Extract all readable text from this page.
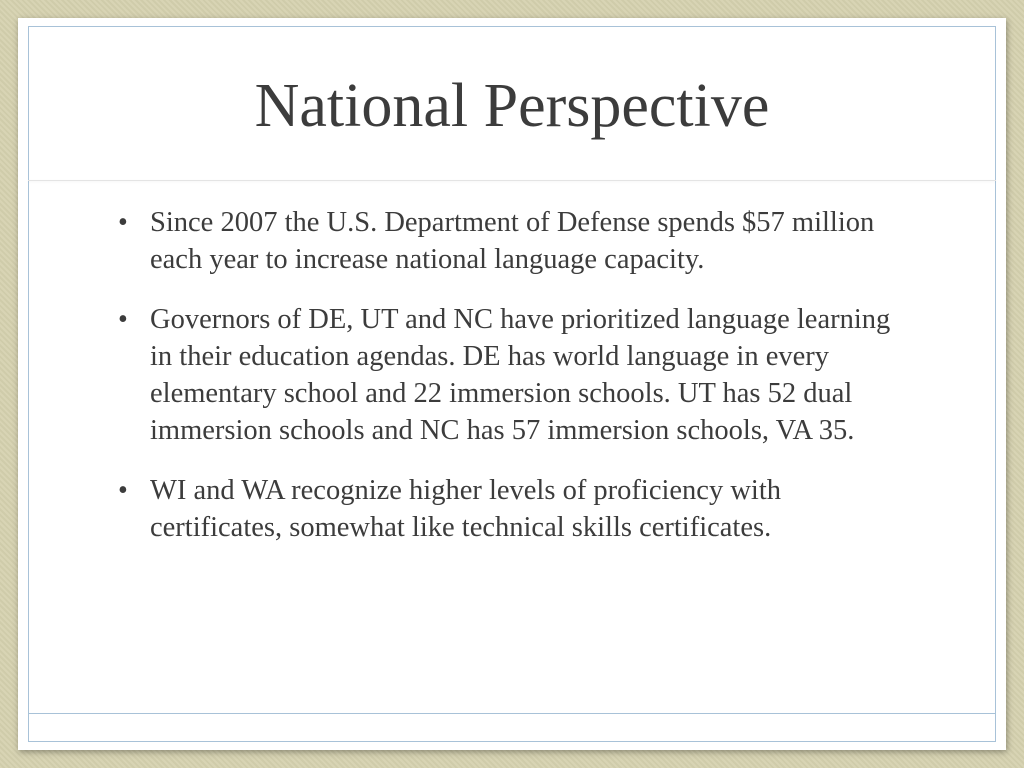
National Perspective
• Since 2007 the U.S. Department of Defense spends $57 million each year to increase national language capacity.
• Governors of DE, UT and NC have prioritized language learning in their education agendas. DE has world language in every elementary school and 22 immersion schools. UT has 52 dual immersion schools and NC has 57 immersion schools, VA 35.
• WI and WA recognize higher levels of proficiency with certificates, somewhat like technical skills certificates.
